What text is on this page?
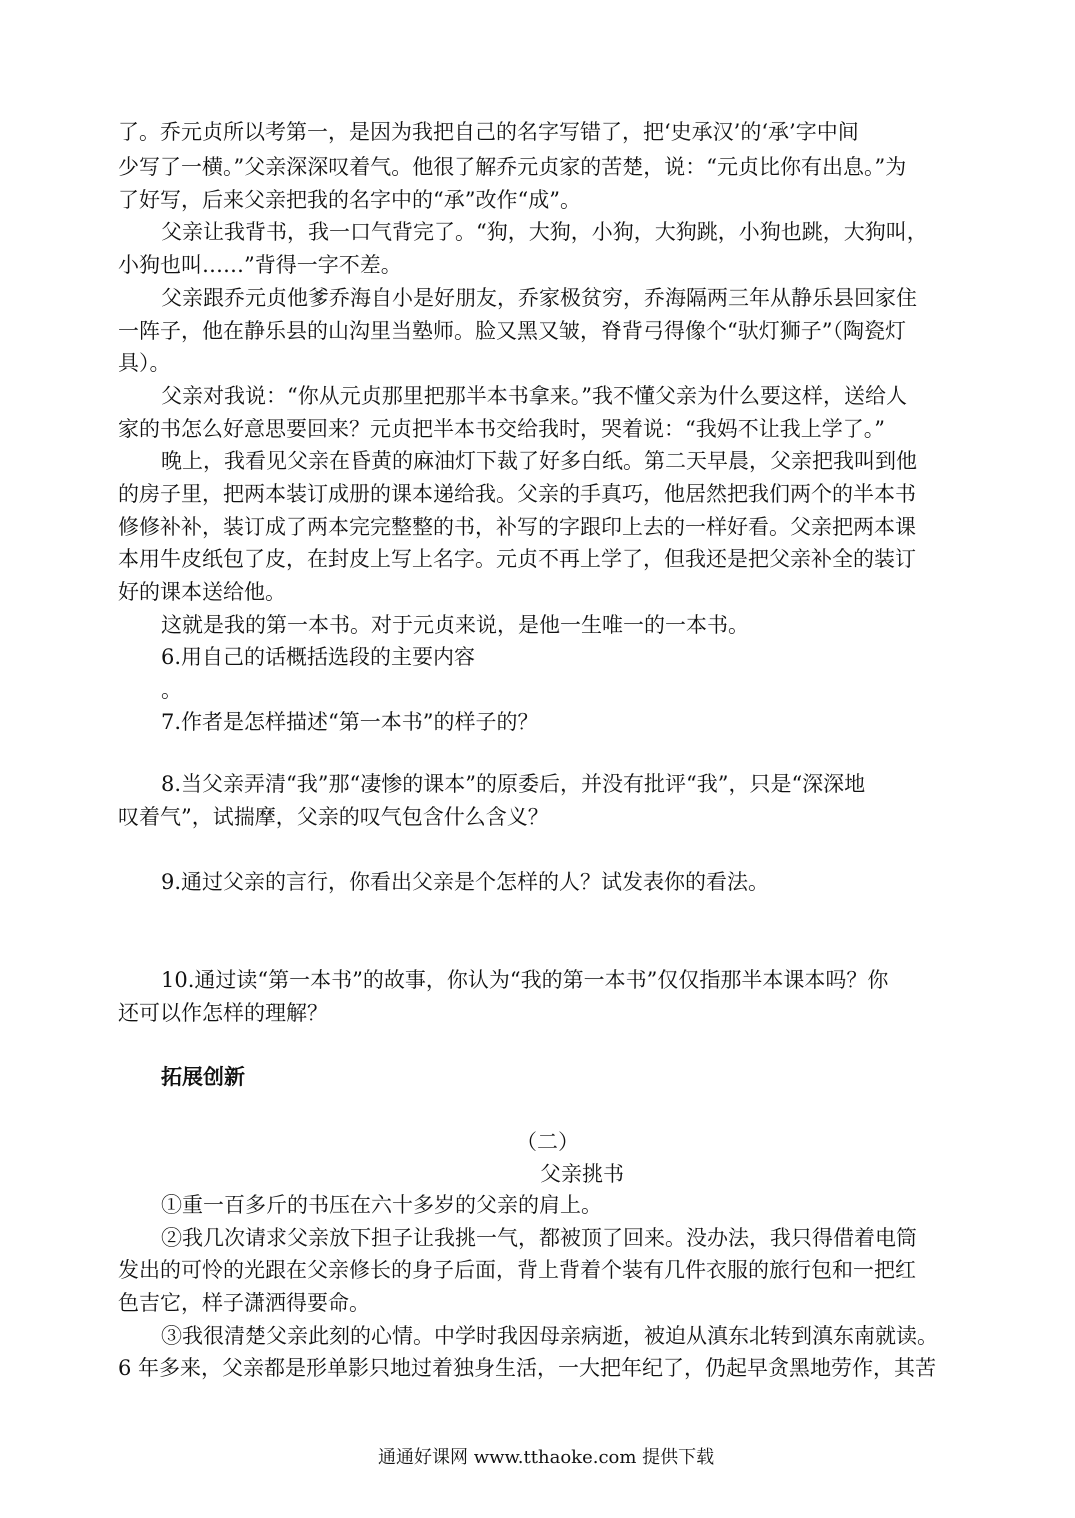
了。乔元贞所以考第一，是因为我把自己的名字写错了，把‘史承汉’的‘承’字中间
少写了一横。”父亲深深叹着气。他很了解乔元贞家的苦楚，说：“元贞比你有出息。”为
了好写，后来父亲把我的名字中的“承”改作“成”。
父亲让我背书，我一口气背完了。“狗，大狗，小狗，大狗跳，小狗也跳，大狗叫，
小狗也叫……”背得一字不差。
父亲跟乔元贞他爹乔海自小是好朋友，乔家极贫穷，乔海隔两三年从静乐县回家住
一阵子，他在静乐县的山沟里当塾师。脸又黑又皱，脊背弓得像个“驮灯狮子”（陶瓷灯
具）。
父亲对我说：“你从元贞那里把那半本书拿来。”我不懂父亲为什么要这样，送给人
家的书怎么好意思要回来？元贞把半本书交给我时，哭着说：“我妈不让我上学了。”
晚上，我看见父亲在昏黄的麻油灯下裁了好多白纸。第二天早晨，父亲把我叫到他
的房子里，把两本装订成册的课本递给我。父亲的手真巧，他居然把我们两个的半本书
修修补补，装订成了两本完完整整的书，补写的字跟印上去的一样好看。父亲把两本课
本用牛皮纸包了皮，在封皮上写上名字。元贞不再上学了，但我还是把父亲补全的装订
好的课本送给他。
这就是我的第一本书。对于元贞来说，是他一生唯一的一本书。
6.用自己的话概括选段的主要内容
。
7.作者是怎样描述“第一本书”的样子的？
8.当父亲弄清“我”那“凄惨的课本”的原委后，并没有批评“我”，只是“深深地
叹着气”，试揣摩，父亲的叹气包含什么含义？
9.通过父亲的言行，你看出父亲是个怎样的人？试发表你的看法。
10.通过读“第一本书”的故事，你认为“我的第一本书”仅仅指那半本课本吗？你
还可以作怎样的理解？
拓展创新
（二）
父亲挑书
①重一百多斤的书压在六十多岁的父亲的肩上。
②我几次请求父亲放下担子让我挑一气，都被顶了回来。没办法，我只得借着电筒
发出的可怜的光跟在父亲修长的身子后面，背上背着个装有几件衣服的旅行包和一把红
色吉它，样子潇洒得要命。
③我很清楚父亲此刻的心情。中学时我因母亲病逝，被迫从滇东北转到滇东南就读。
6 年多来，父亲都是形单影只地过着独身生活，一大把年纪了，仍起早贪黑地劳作，其苦
通通好课网 www.tthaoke.com 提供下载
